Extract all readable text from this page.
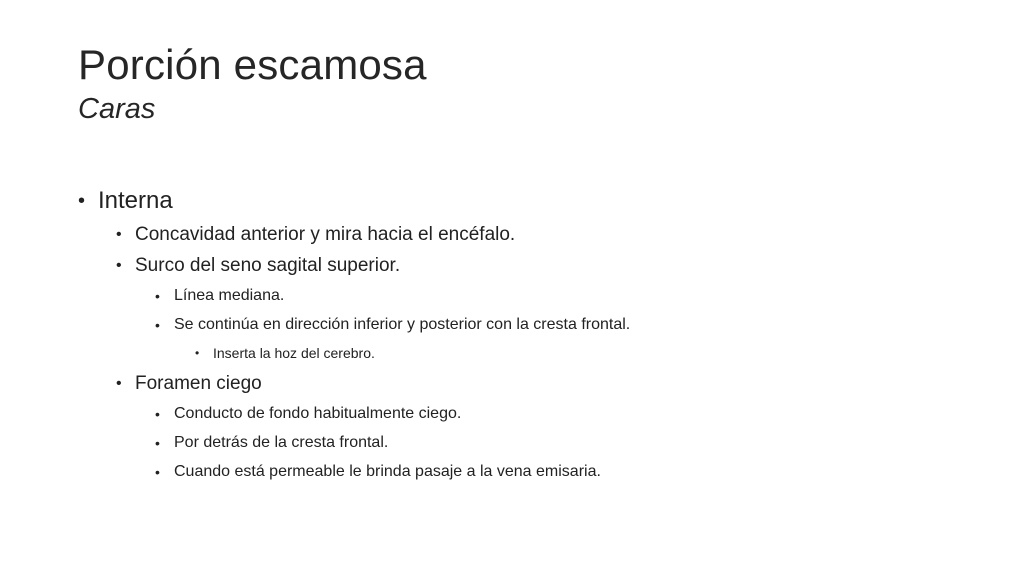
Porción escamosa
Caras
• Interna
• Concavidad anterior y mira hacia el encéfalo.
• Surco del seno sagital superior.
• Línea mediana.
• Se continúa en dirección inferior y posterior con la cresta frontal.
• Inserta la hoz del cerebro.
• Foramen ciego
• Conducto de fondo habitualmente ciego.
• Por detrás de la cresta frontal.
• Cuando está permeable le brinda pasaje a la vena emisaria.
